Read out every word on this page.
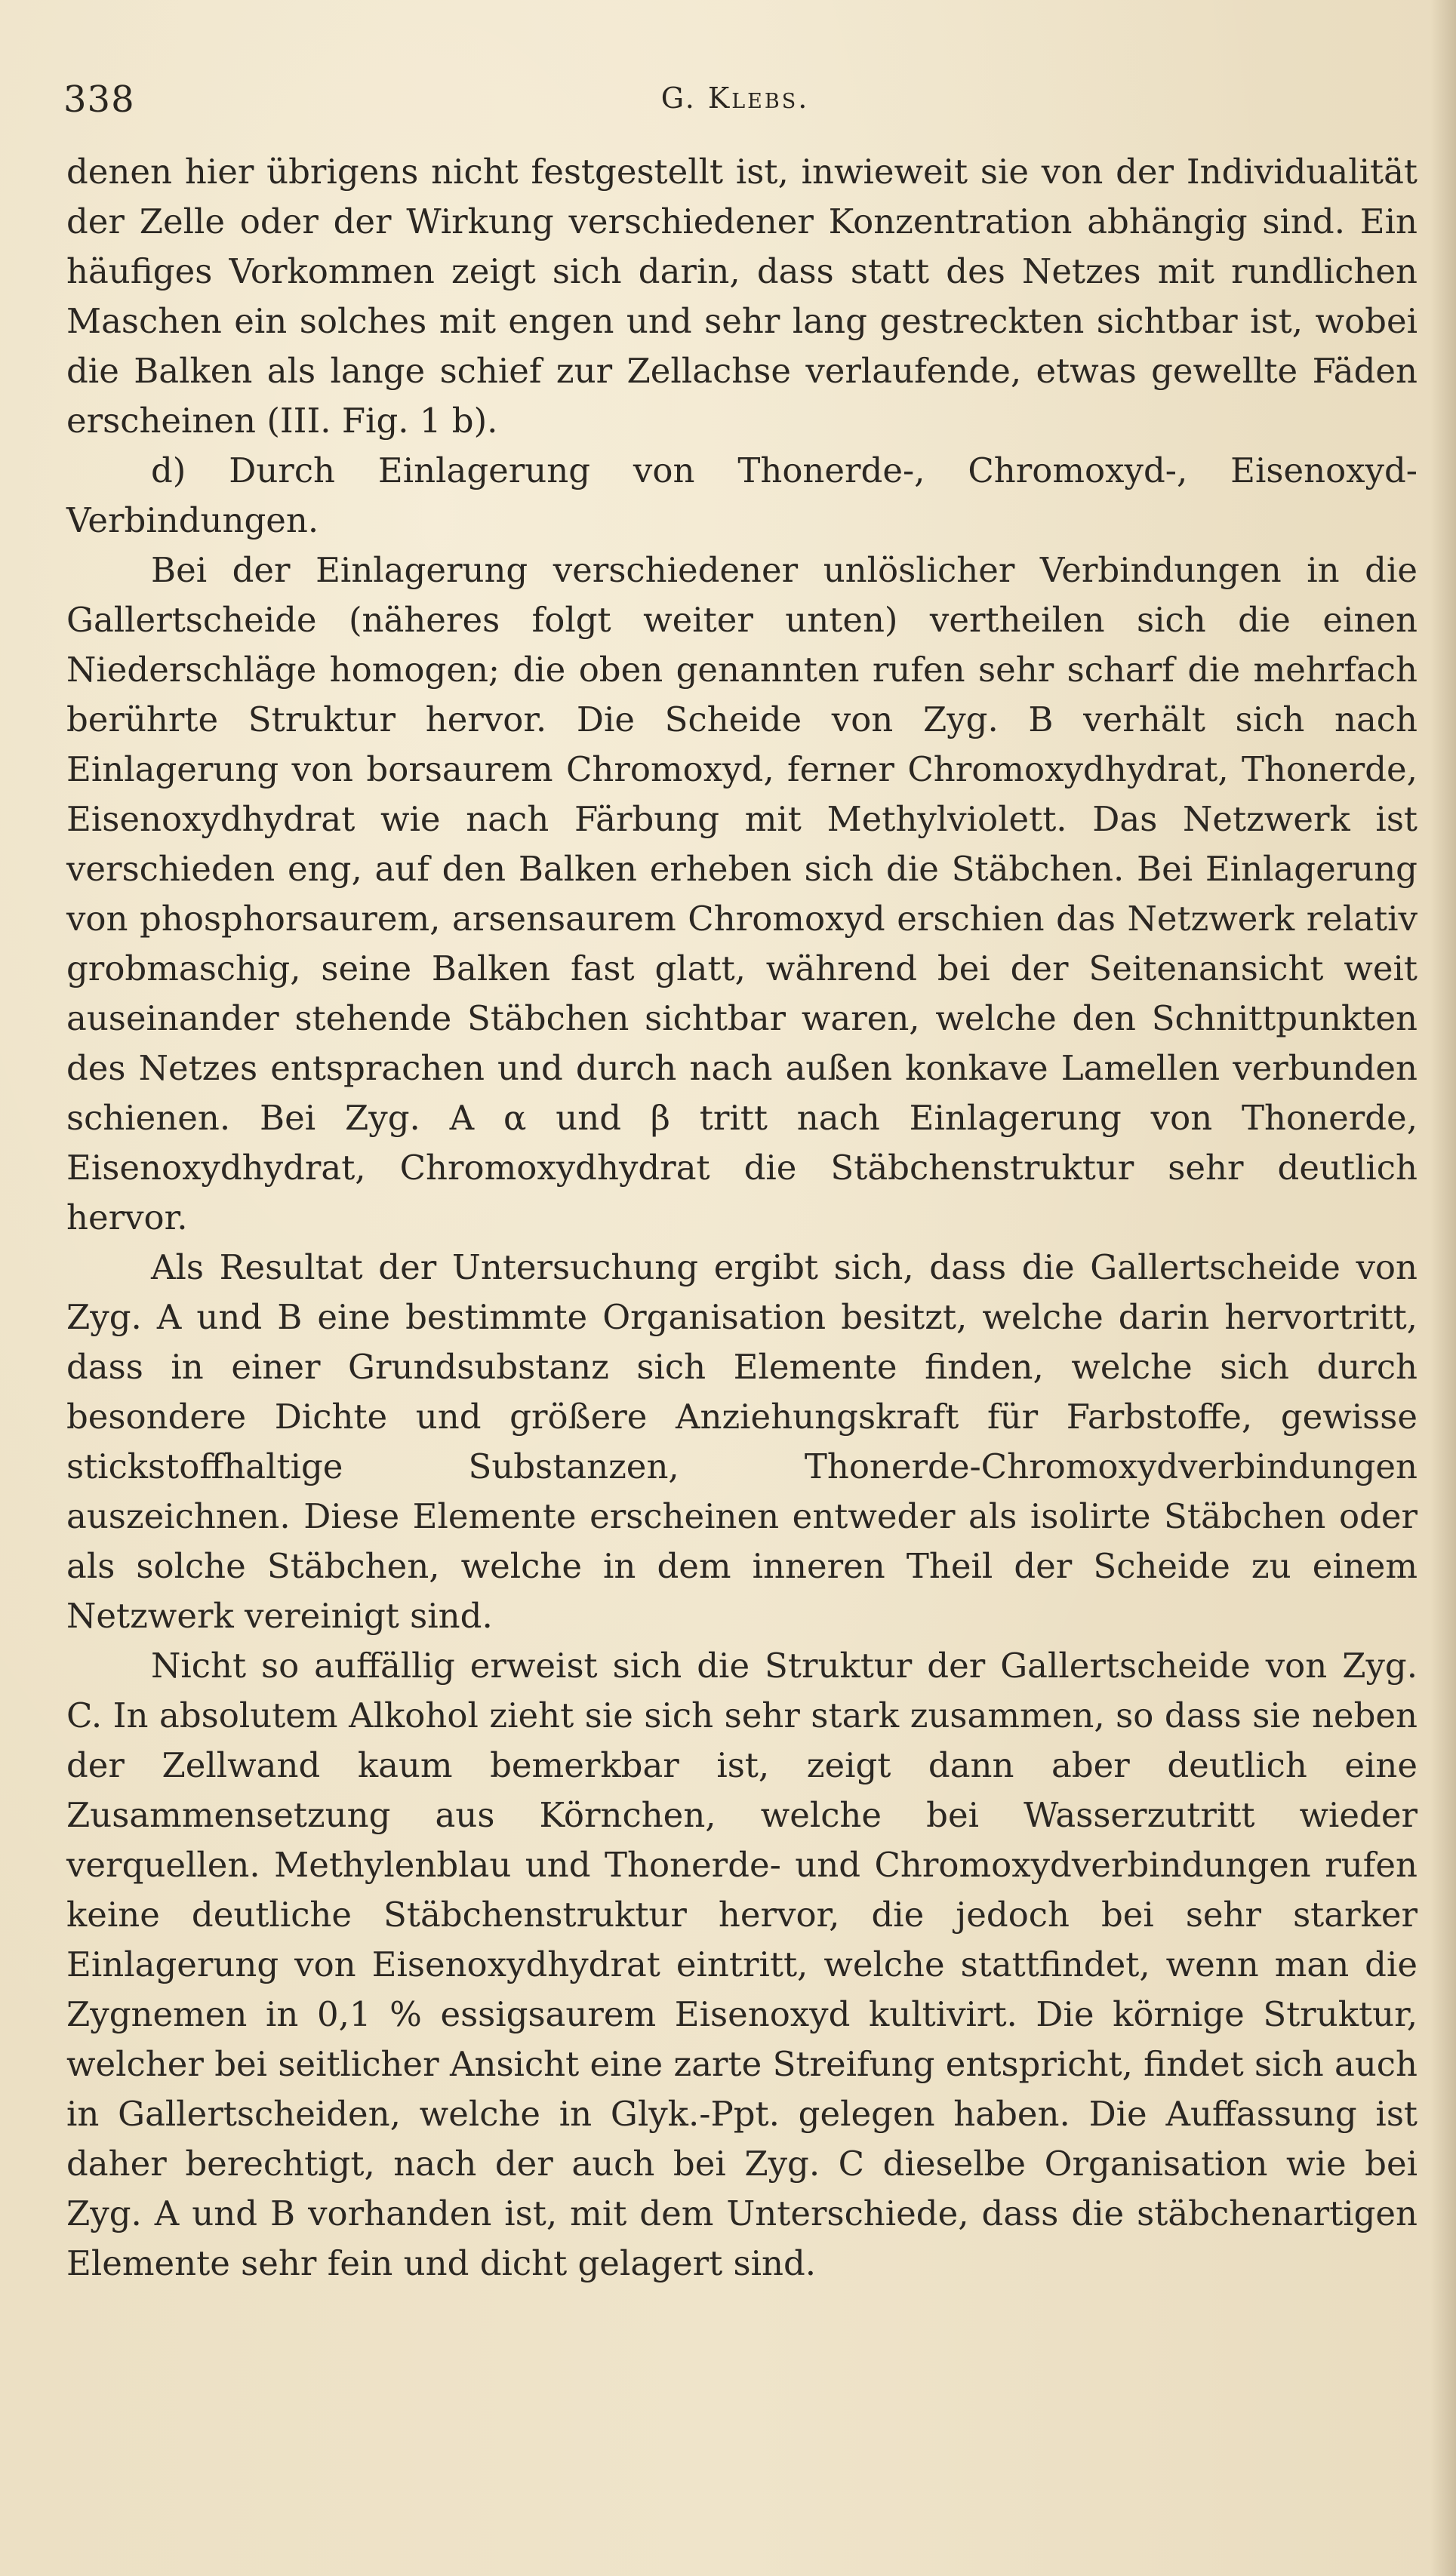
338	G. Klebs.

denen hier übrigens nicht festgestellt ist, inwieweit sie von der Individualität der Zelle oder der Wirkung verschiedener Konzentration abhängig sind. Ein häufiges Vorkommen zeigt sich darin, dass statt des Netzes mit rundlichen Maschen ein solches mit engen und sehr lang gestreckten sichtbar ist, wobei die Balken als lange schief zur Zellachse verlaufende, etwas gewellte Fäden erscheinen (III. Fig. 1 b).

d) Durch Einlagerung von Thonerde-, Chromoxyd-, Eisenoxyd-Verbindungen.

Bei der Einlagerung verschiedener unlöslicher Verbindungen in die Gallertscheide (näheres folgt weiter unten) vertheilen sich die einen Niederschläge homogen; die oben genannten rufen sehr scharf die mehrfach berührte Struktur hervor. Die Scheide von Zyg. B verhält sich nach Einlagerung von borsaurem Chromoxyd, ferner Chromoxydhydrat, Thonerde, Eisenoxydhydrat wie nach Färbung mit Methylviolett. Das Netzwerk ist verschieden eng, auf den Balken erheben sich die Stäbchen. Bei Einlagerung von phosphorsaurem, arsensaurem Chromoxyd erschien das Netzwerk relativ grobmaschig, seine Balken fast glatt, während bei der Seitenansicht weit auseinander stehende Stäbchen sichtbar waren, welche den Schnittpunkten des Netzes entsprachen und durch nach außen konkave Lamellen verbunden schienen. Bei Zyg. A α und β tritt nach Einlagerung von Thonerde, Eisenoxydhydrat, Chromoxydhydrat die Stäbchenstruktur sehr deutlich hervor.

Als Resultat der Untersuchung ergibt sich, dass die Gallertscheide von Zyg. A und B eine bestimmte Organisation besitzt, welche darin hervortritt, dass in einer Grundsubstanz sich Elemente finden, welche sich durch besondere Dichte und größere Anziehungskraft für Farbstoffe, gewisse stickstoffhaltige Substanzen, Thonerde-Chromoxydverbindungen auszeichnen. Diese Elemente erscheinen entweder als isolirte Stäbchen oder als solche Stäbchen, welche in dem inneren Theil der Scheide zu einem Netzwerk vereinigt sind.

Nicht so auffällig erweist sich die Struktur der Gallertscheide von Zyg. C. In absolutem Alkohol zieht sie sich sehr stark zusammen, so dass sie neben der Zellwand kaum bemerkbar ist, zeigt dann aber deutlich eine Zusammensetzung aus Körnchen, welche bei Wasserzutritt wieder verquellen. Methylenblau und Thonerde- und Chromoxydverbindungen rufen keine deutliche Stäbchenstruktur hervor, die jedoch bei sehr starker Einlagerung von Eisenoxydhydrat eintritt, welche stattfindet, wenn man die Zygnemen in 0,1 % essigsaurem Eisenoxyd kultivirt. Die körnige Struktur, welcher bei seitlicher Ansicht eine zarte Streifung entspricht, findet sich auch in Gallertscheiden, welche in Glyk.-Ppt. gelegen haben. Die Auffassung ist daher berechtigt, nach der auch bei Zyg. C dieselbe Organisation wie bei Zyg. A und B vorhanden ist, mit dem Unterschiede, dass die stäbchenartigen Elemente sehr fein und dicht gelagert sind.
